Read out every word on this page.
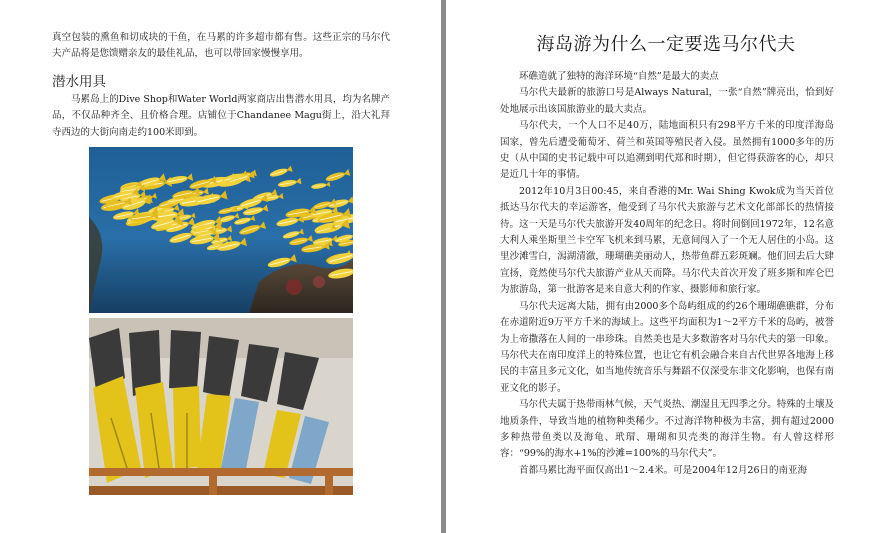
真空包装的熏鱼和切成块的干鱼，在马累的许多超市都有售。这些正宗的马尔代夫产品将是您馈赠亲友的最佳礼品，也可以带回家慢慢享用。

潜水用具

马累岛上的Dive Shop和Water World两家商店出售潜水用具，均为名牌产品，不仅品种齐全、且价格合理。店铺位于Chandanee Magu街上，沿大礼拜寺西边的大街向南走约100米即到。

海岛游为什么一定要选马尔代夫

环礁造就了独特的海洋环境“自然”是最大的卖点

马尔代夫最新的旅游口号是Always Natural，一张“自然”牌亮出，恰到好处地展示出该国旅游业的最大卖点。

马尔代夫，一个人口不足40万，陆地面积只有298平方千米的印度洋海岛国家，曾先后遭受葡萄牙、荷兰和英国等殖民者入侵。虽然拥有1000多年的历史（从中国的史书记载中可以追溯到明代郑和时期），但它得获游客的心，却只是近几十年的事情。

2012年10月3日00:45，来自香港的Mr. Wai Shing Kwok成为当天首位抵达马尔代夫的幸运游客，他受到了马尔代夫旅游与艺术文化部部长的热情接待。这一天是马尔代夫旅游开发40周年的纪念日。将时间倒回1972年，12名意大利人乘坐斯里兰卡空军飞机来到马累，无意间闯入了一个无人居住的小岛。这里沙滩雪白，潟湖清澈，珊瑚礁美丽动人，热带鱼群五彩斑斓。他们回去后大肆宣扬，竟然使马尔代夫旅游产业从天而降。马尔代夫首次开发了班多斯和库仑巴为旅游岛，第一批游客是来自意大利的作家、摄影师和旅行家。

马尔代夫远离大陆，拥有由2000多个岛屿组成的约26个珊瑚礁礁群，分布在赤道附近9万平方千米的海域上。这些平均面积为1～2平方千米的岛屿，被誉为上帝撒落在人间的一串珍珠。自然美也是大多数游客对马尔代夫的第一印象。马尔代夫在南印度洋上的特殊位置，也让它有机会融合来自古代世界各地海上移民的丰富且多元文化，如当地传统音乐与舞蹈不仅深受东非文化影响，也保有南亚文化的影子。

马尔代夫属于热带雨林气候，天气炎热、潮湿且无四季之分。特殊的土壤及地质条件，导致当地的植物种类稀少。不过海洋物种极为丰富，拥有超过2000多种热带鱼类以及海龟、玳瑁、珊瑚和贝壳类的海洋生物。有人曾这样形容：“99%的海水+1%的沙滩=100%的马尔代夫”。

首都马累比海平面仅高出1～2.4米。可是2004年12月26日的南亚海
